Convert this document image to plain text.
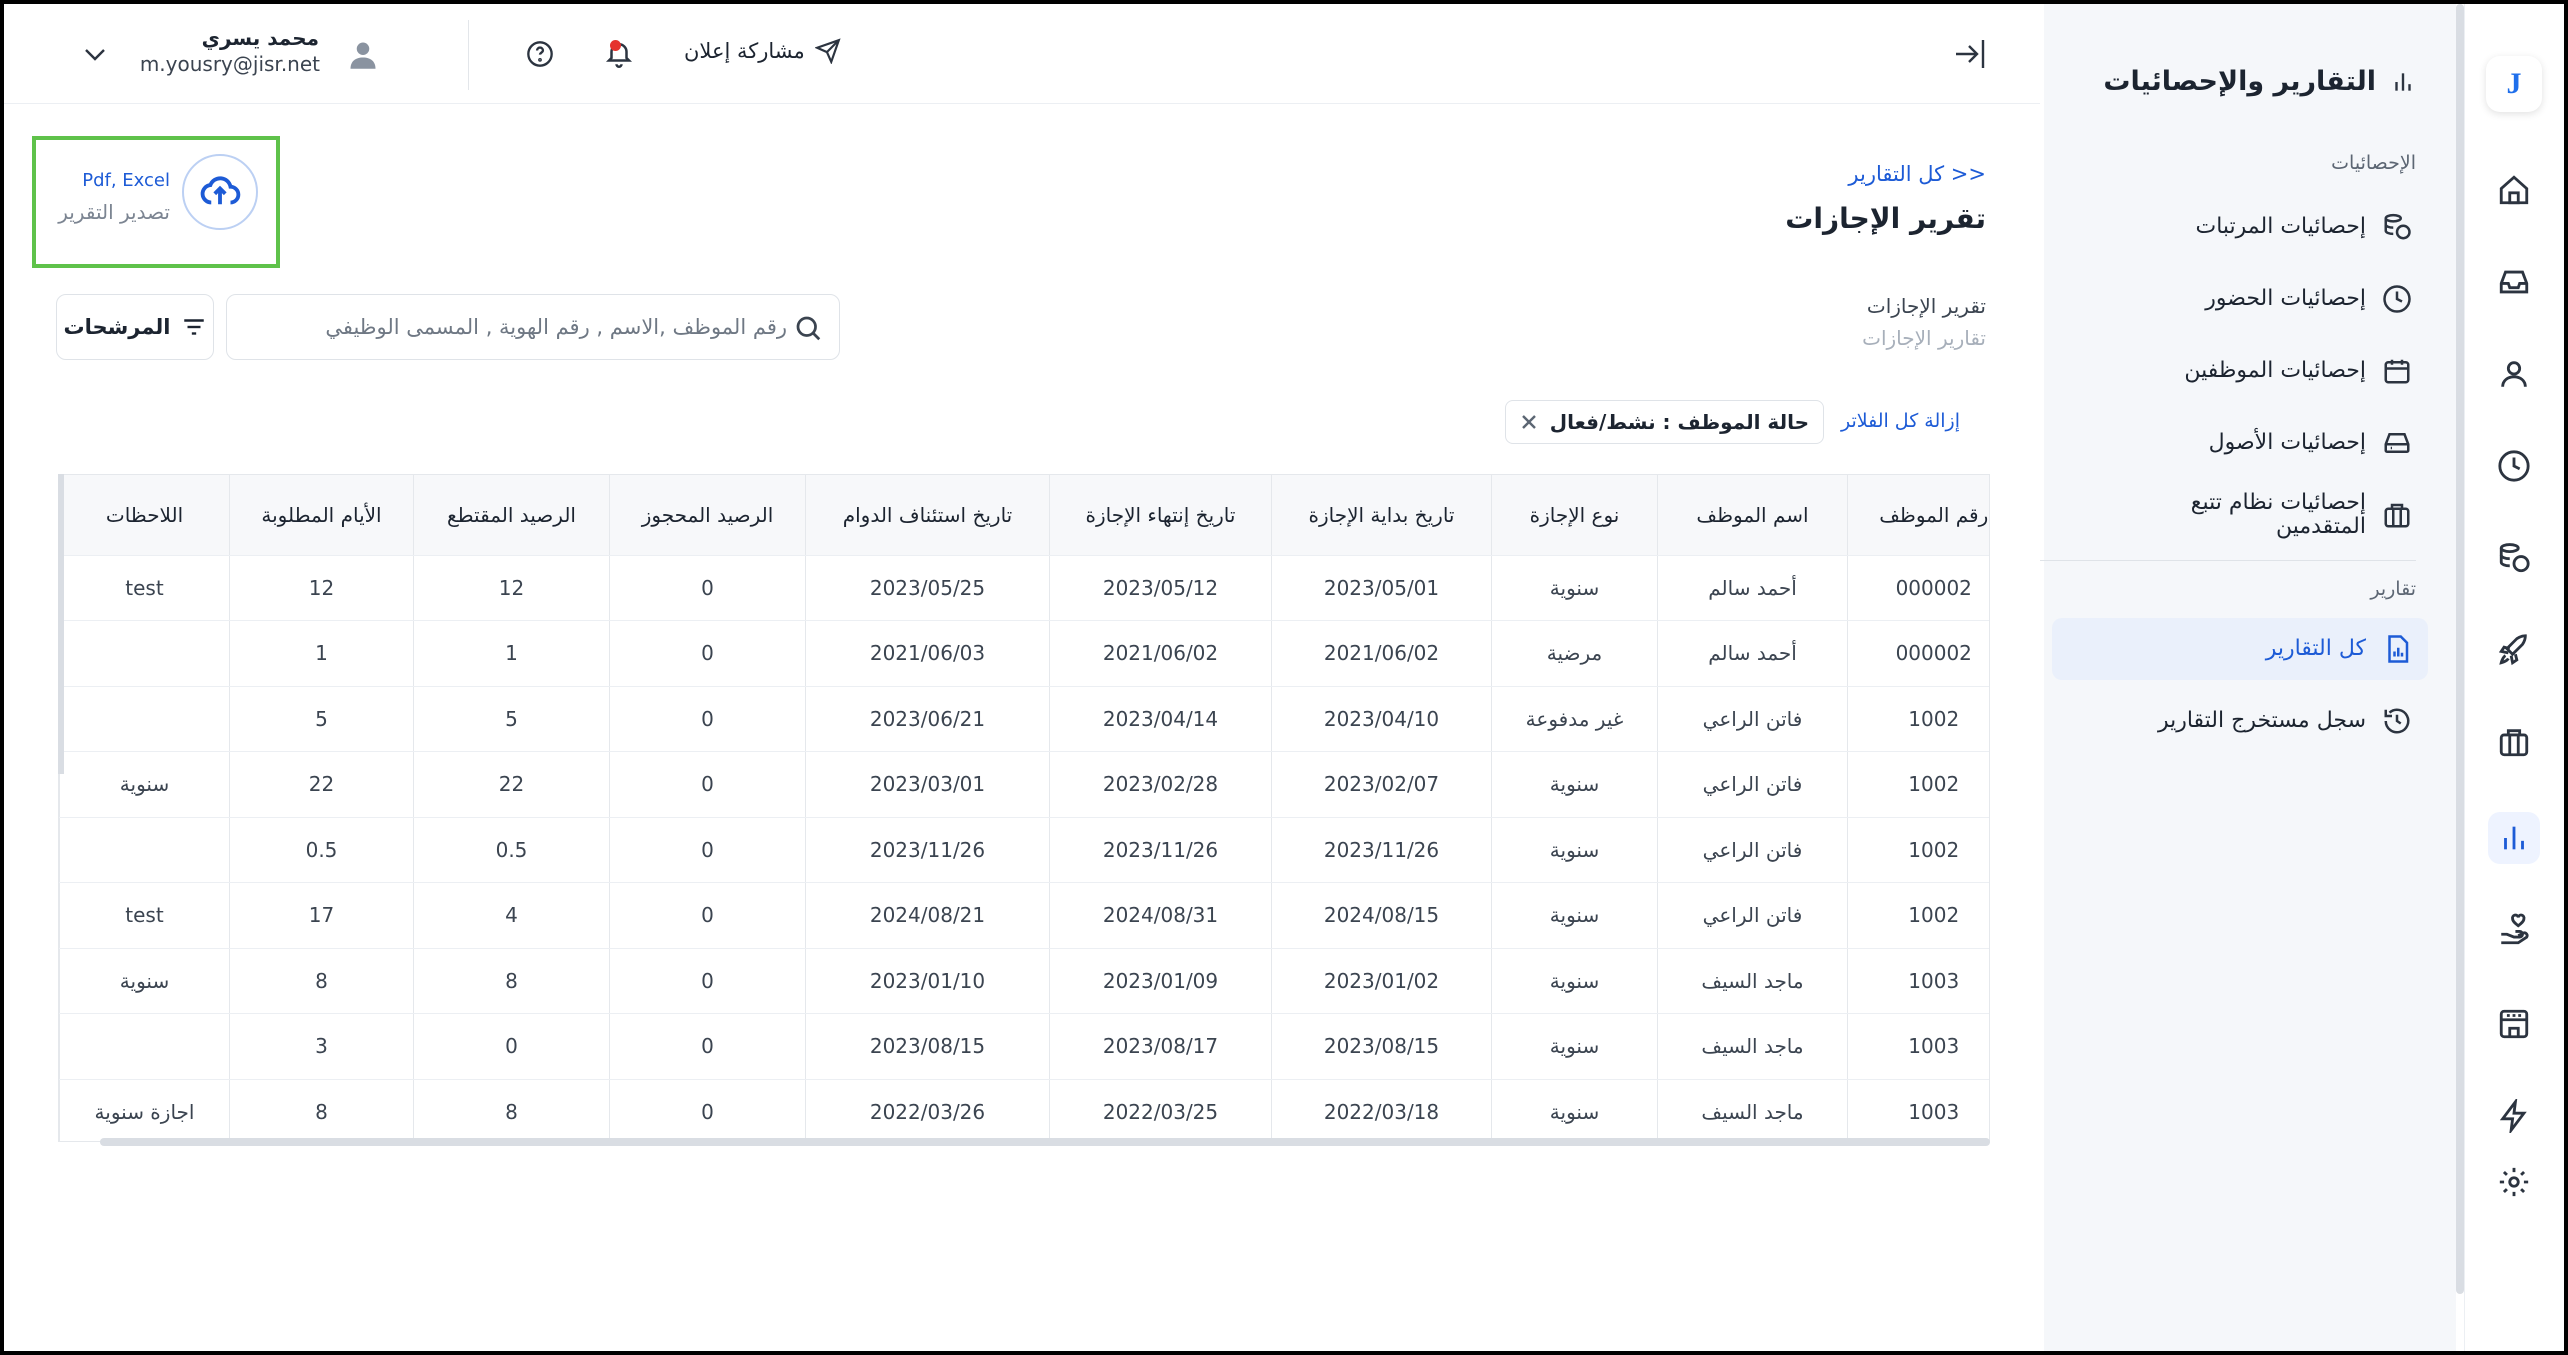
مشاركة إعلان
محمد يسري
m.yousry@jisr.net
<< كل التقارير
تقرير الإجازات
تقرير الإجازات
تقارير الإجازات
Pdf, Excel
تصدير التقرير
رقم الموظف ,الاسم , رقم الهوية , المسمى الوظيفي
المرشحات
إزالة كل الفلاتر
حالة الموظف : نشط/فعال
رقم الموظف	اسم الموظف	نوع الإجازة	تاريخ بداية الإجازة	تاريخ إنتهاء الإجازة	تاريخ استئناف الدوام	الرصيد المحجوز	الرصيد المقتطع	الأيام المطلوبة	اللاحظات
000002	أحمد سالم	سنوية	2023/05/01	2023/05/12	2023/05/25	0	12	12	test
000002	أحمد سالم	مرضية	2021/06/02	2021/06/02	2021/06/03	0	1	1	
1002	فاتن الراعي	غير مدفوعة	2023/04/10	2023/04/14	2023/06/21	0	5	5	
1002	فاتن الراعي	سنوية	2023/02/07	2023/02/28	2023/03/01	0	22	22	سنوية
1002	فاتن الراعي	سنوية	2023/11/26	2023/11/26	2023/11/26	0	0.5	0.5	
1002	فاتن الراعي	سنوية	2024/08/15	2024/08/31	2024/08/21	0	4	17	test
1003	ماجد السيف	سنوية	2023/01/02	2023/01/09	2023/01/10	0	8	8	سنوية
1003	ماجد السيف	سنوية	2023/08/15	2023/08/17	2023/08/15	0	0	3	
1003	ماجد السيف	سنوية	2022/03/18	2022/03/25	2022/03/26	0	8	8	اجازة سنوية
التقارير والإحصائيات
الإحصائيات
إحصائيات المرتبات
إحصائيات الحضور
إحصائيات الموظفين
إحصائيات الأصول
إحصائيات نظام تتبع المتقدمين
تقارير
كل التقارير
سجل مستخرج التقارير
J
